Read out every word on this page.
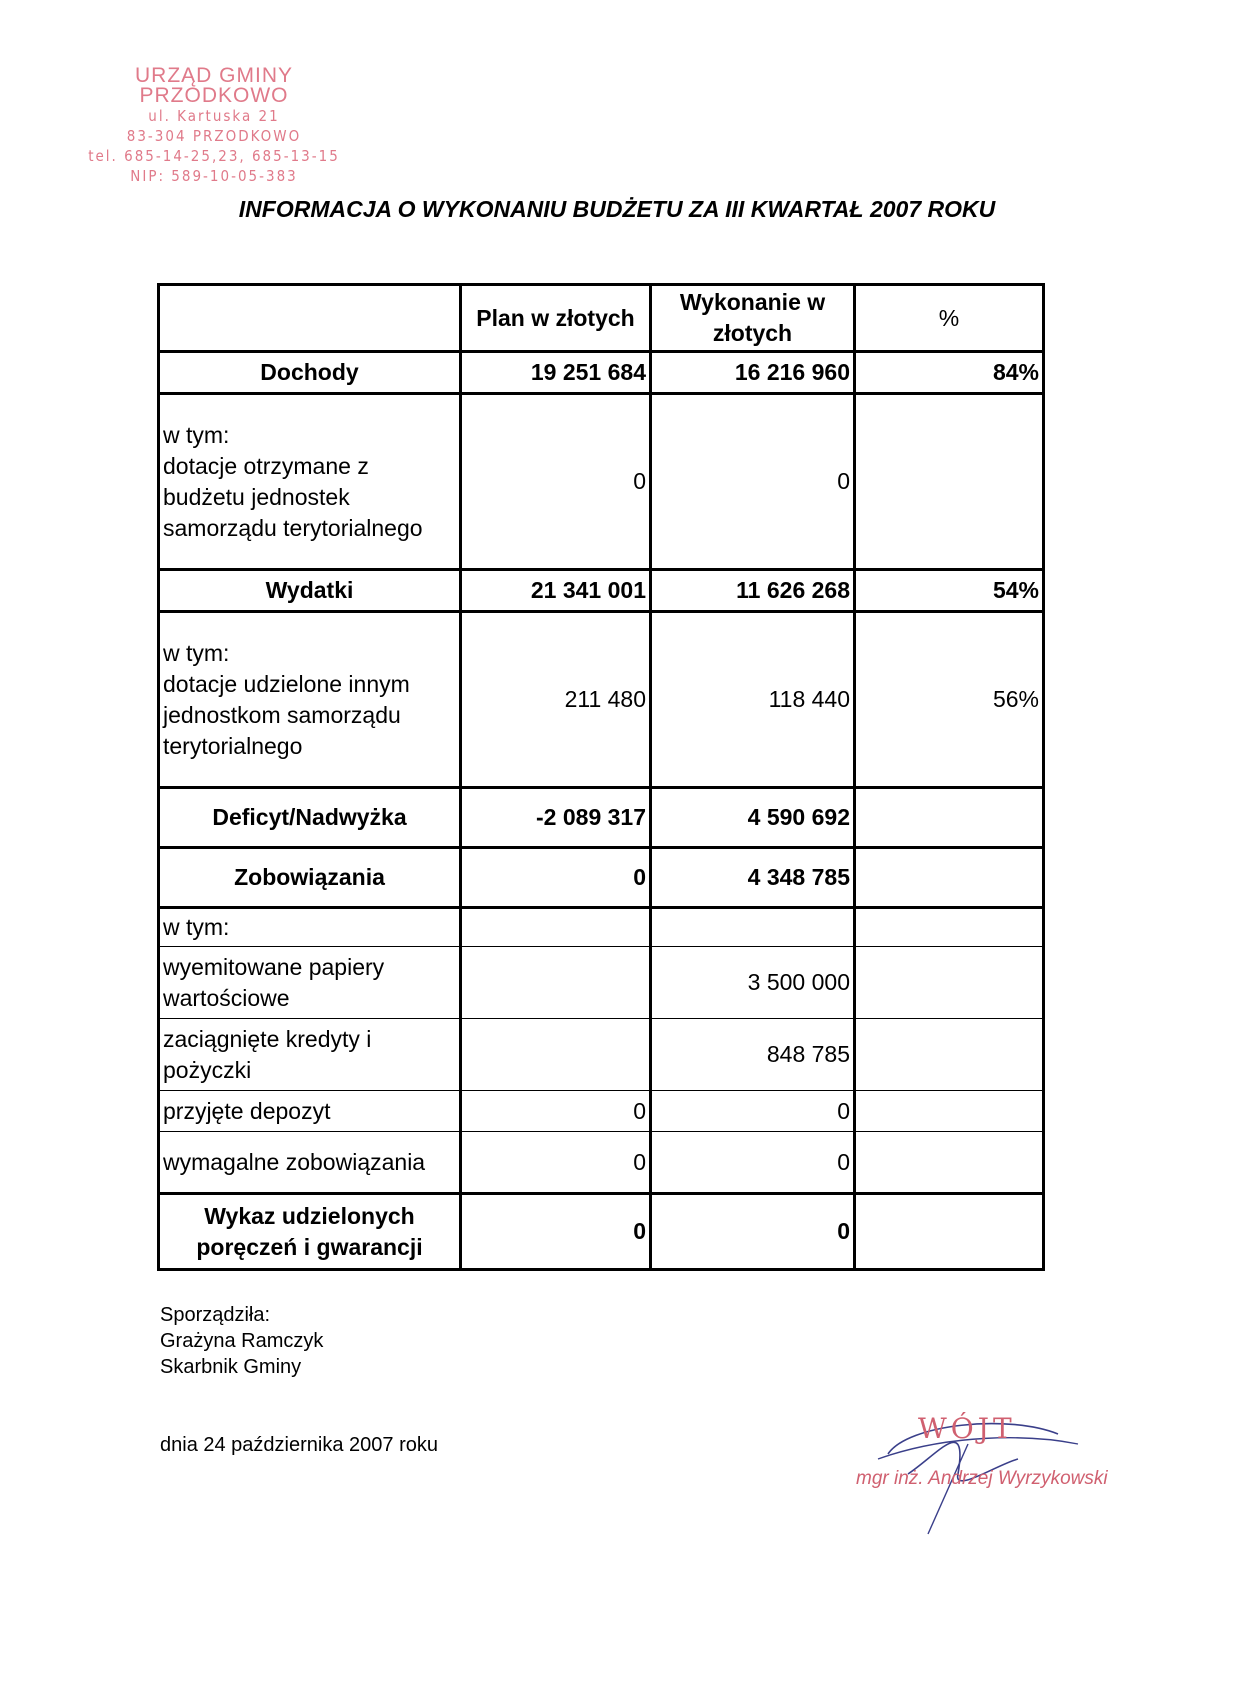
URZĄD GMINY PRZODKOWO
ul. Kartuska 21
83-304 PRZODKOWO
tel. 685-14-25,23, 685-13-15
NIP: 589-10-05-383
INFORMACJA O WYKONANIU BUDŻETU ZA III KWARTAŁ 2007 ROKU
	Plan w złotych	Wykonanie w złotych	%
Dochody	19 251 684	16 216 960	84%

w tym:
dotacje otrzymane z
budżetu jednostek
samorządu terytorialnego	0	0	
Wydatki	21 341 001	11 626 268	54%

w tym:
dotacje udzielone innym
jednostkom samorządu
terytorialnego	211 480	118 440	56%
Deficyt/Nadwyżka	-2 089 317	4 590 692	
Zobowiązania	0	4 348 785	
w tym:			

wyemitowane papiery
wartościowe		3 500 000	

zaciągnięte kredyty i
pożyczki		848 785	
przyjęte depozyt	0	0	
wymagalne zobowiązania	0	0	

Wykaz udzielonych
poręczeń i gwarancji	0	0	
Sporządziła:
Grażyna Ramczyk
Skarbnik Gminy
dnia 24 października 2007 roku	WÓJT
mgr inż. Andrzej Wyrzykowski
